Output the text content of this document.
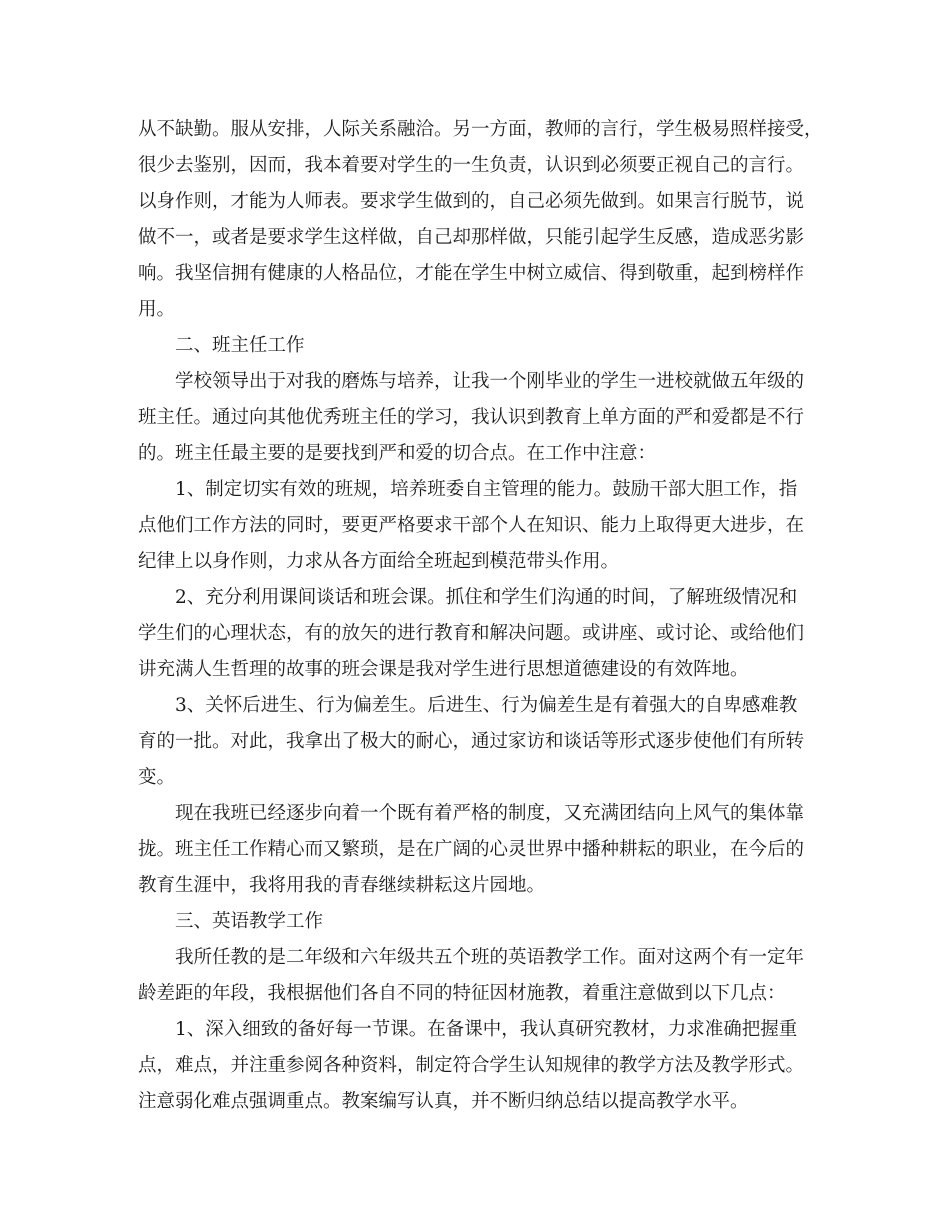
从不缺勤。服从安排，人际关系融洽。另一方面，教师的言行，学生极易照样接受，

很少去鉴别，因而，我本着要对学生的一生负责，认识到必须要正视自己的言行。

以身作则，才能为人师表。要求学生做到的，自己必须先做到。如果言行脱节，说

做不一，或者是要求学生这样做，自己却那样做，只能引起学生反感，造成恶劣影

响。我坚信拥有健康的人格品位，才能在学生中树立威信、得到敬重，起到榜样作

用。

二、班主任工作

学校领导出于对我的磨炼与培养，让我一个刚毕业的学生一进校就做五年级的

班主任。通过向其他优秀班主任的学习，我认识到教育上单方面的严和爱都是不行

的。班主任最主要的是要找到严和爱的切合点。在工作中注意：

1、制定切实有效的班规，培养班委自主管理的能力。鼓励干部大胆工作，指

点他们工作方法的同时，要更严格要求干部个人在知识、能力上取得更大进步，在

纪律上以身作则，力求从各方面给全班起到模范带头作用。

2、充分利用课间谈话和班会课。抓住和学生们沟通的时间，了解班级情况和

学生们的心理状态，有的放矢的进行教育和解决问题。或讲座、或讨论、或给他们

讲充满人生哲理的故事的班会课是我对学生进行思想道德建设的有效阵地。

3、关怀后进生、行为偏差生。后进生、行为偏差生是有着强大的自卑感难教

育的一批。对此，我拿出了极大的耐心，通过家访和谈话等形式逐步使他们有所转

变。

现在我班已经逐步向着一个既有着严格的制度，又充满团结向上风气的集体靠

拢。班主任工作精心而又繁琐，是在广阔的心灵世界中播种耕耘的职业，在今后的

教育生涯中，我将用我的青春继续耕耘这片园地。

三、英语教学工作

我所任教的是二年级和六年级共五个班的英语教学工作。面对这两个有一定年

龄差距的年段，我根据他们各自不同的特征因材施教，着重注意做到以下几点：

1、深入细致的备好每一节课。在备课中，我认真研究教材，力求准确把握重

点，难点，并注重参阅各种资料，制定符合学生认知规律的教学方法及教学形式。

注意弱化难点强调重点。教案编写认真，并不断归纳总结以提高教学水平。
